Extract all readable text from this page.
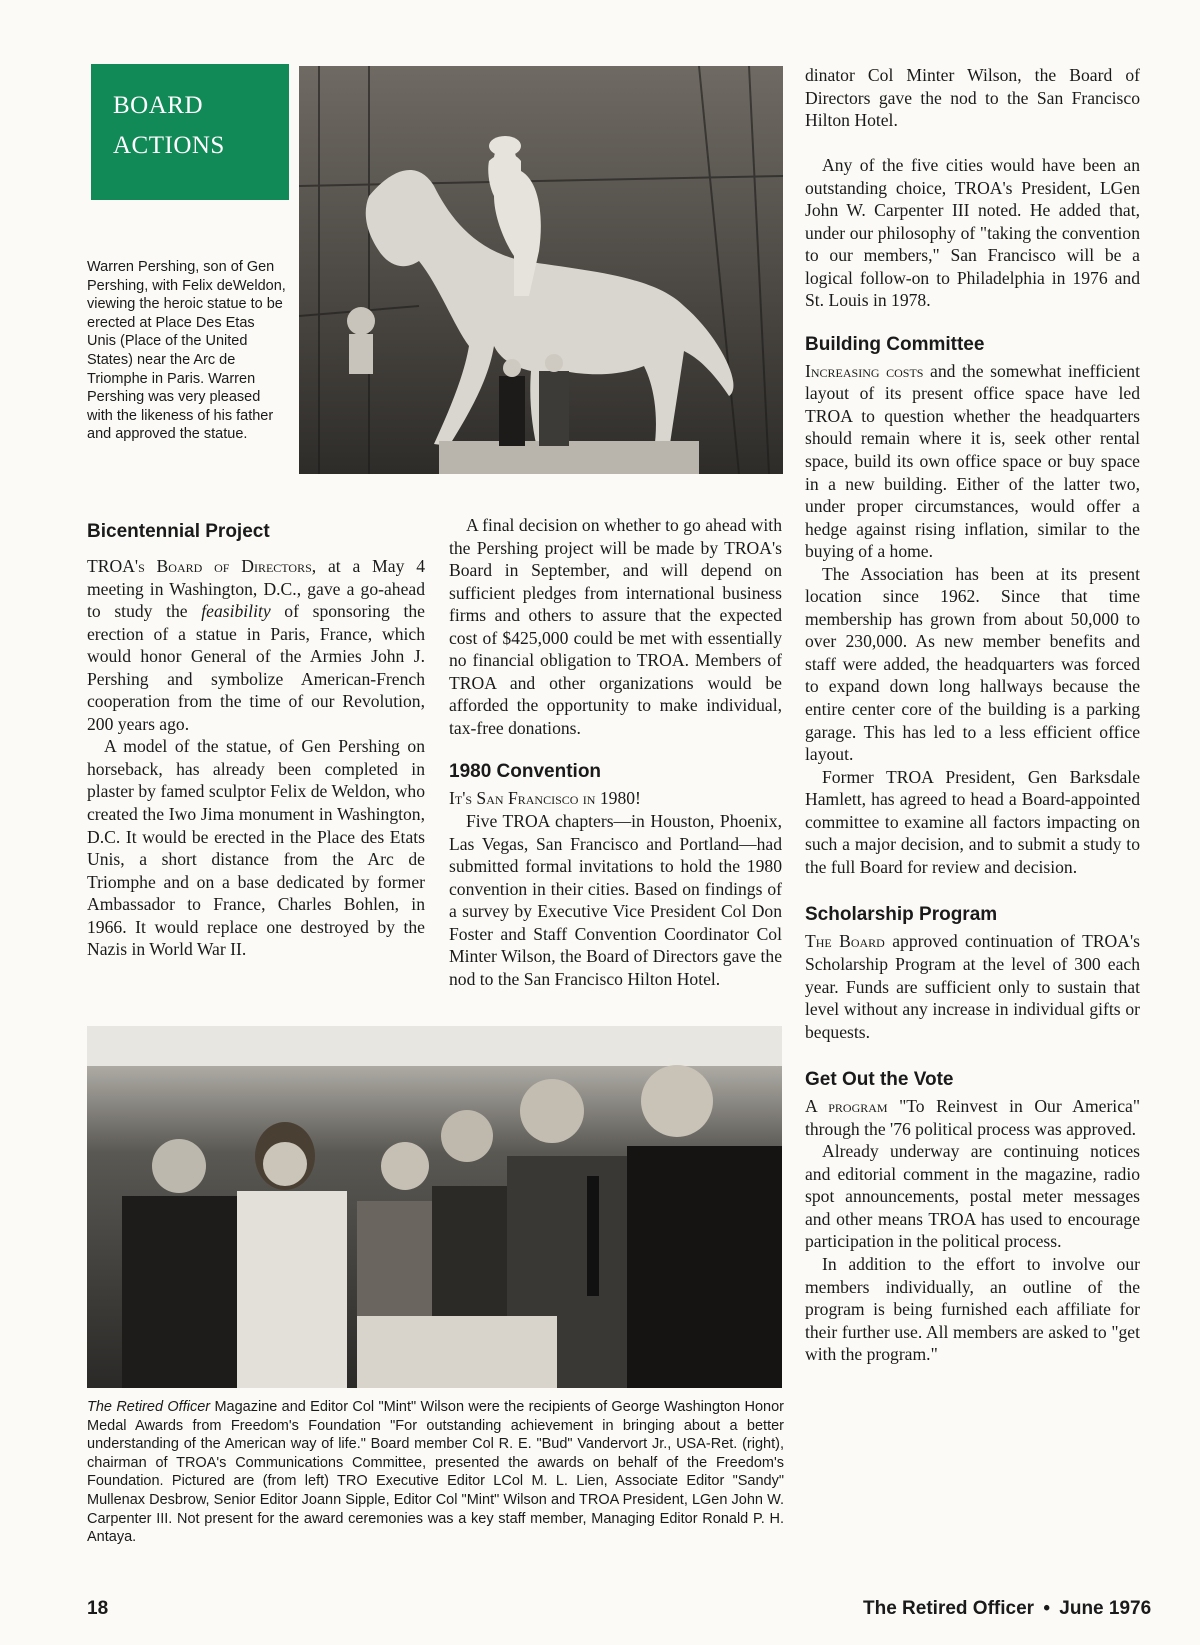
BOARD
ACTIONS
Warren Pershing, son of Gen Pershing, with Felix deWeldon, viewing the heroic statue to be erected at Place Des Etas Unis (Place of the United States) near the Arc de Triomphe in Paris. Warren Pershing was very pleased with the likeness of his father and approved the statue.
Bicentennial Project

TROA's Board of Directors, at a May 4 meeting in Washington, D.C., gave a go-ahead to study the feasibility of sponsoring the erection of a statue in Paris, France, which would honor General of the Armies John J. Pershing and symbolize American-French cooperation from the time of our Revolution, 200 years ago.

A model of the statue, of Gen Pershing on horseback, has already been completed in plaster by famed sculptor Felix de Weldon, who created the Iwo Jima monument in Washington, D.C. It would be erected in the Place des Etats Unis, a short distance from the Arc de Triomphe and on a base dedicated by former Ambassador to France, Charles Bohlen, in 1966. It would replace one destroyed by the Nazis in World War II.

A final decision on whether to go ahead with the Pershing project will be made by TROA's Board in September, and will depend on sufficient pledges from international business firms and others to assure that the expected cost of $425,000 could be met with essentially no financial obligation to TROA. Members of TROA and other organizations would be afforded the opportunity to make individual, tax-free donations.

1980 Convention

It's San Francisco in 1980!

Five TROA chapters—in Houston, Phoenix, Las Vegas, San Francisco and Portland—had submitted formal invitations to hold the 1980 convention in their cities. Based on findings of a survey by Executive Vice President Col Don Foster and Staff Convention Coordinator Col Minter Wilson, the Board of Directors gave the nod to the San Francisco Hilton Hotel.

dinator Col Minter Wilson, the Board of Directors gave the nod to the San Francisco Hilton Hotel.

Any of the five cities would have been an outstanding choice, TROA's President, LGen John W. Carpenter III noted. He added that, under our philosophy of "taking the convention to our members," San Francisco will be a logical follow-on to Philadelphia in 1976 and St. Louis in 1978.

Building Committee

Increasing costs and the somewhat inefficient layout of its present office space have led TROA to question whether the headquarters should remain where it is, seek other rental space, build its own office space or buy space in a new building. Either of the latter two, under proper circumstances, would offer a hedge against rising inflation, similar to the buying of a home.

The Association has been at its present location since 1962. Since that time membership has grown from about 50,000 to over 230,000. As new member benefits and staff were added, the headquarters was forced to expand down long hallways because the entire center core of the building is a parking garage. This has led to a less efficient office layout.

Former TROA President, Gen Barksdale Hamlett, has agreed to head a Board-appointed committee to examine all factors impacting on such a major decision, and to submit a study to the full Board for review and decision.

Scholarship Program

The Board approved continuation of TROA's Scholarship Program at the level of 300 each year. Funds are sufficient only to sustain that level without any increase in individual gifts or bequests.

Get Out the Vote

A program "To Reinvest in Our America" through the '76 political process was approved.

Already underway are continuing notices and editorial comment in the magazine, radio spot announcements, postal meter messages and other means TROA has used to encourage participation in the political process.

In addition to the effort to involve our members individually, an outline of the program is being furnished each affiliate for their further use. All members are asked to "get with the program."

The Retired Officer Magazine and Editor Col "Mint" Wilson were the recipients of George Washington Honor Medal Awards from Freedom's Foundation "For outstanding achievement in bringing about a better understanding of the American way of life." Board member Col R. E. "Bud" Vandervort Jr., USA-Ret. (right), chairman of TROA's Communications Committee, presented the awards on behalf of the Freedom's Foundation. Pictured are (from left) TRO Executive Editor LCol M. L. Lien, Associate Editor "Sandy" Mullenax Desbrow, Senior Editor Joann Sipple, Editor Col "Mint" Wilson and TROA President, LGen John W. Carpenter III. Not present for the award ceremonies was a key staff member, Managing Editor Ronald P. H. Antaya.
18	The Retired Officer • June 1976
